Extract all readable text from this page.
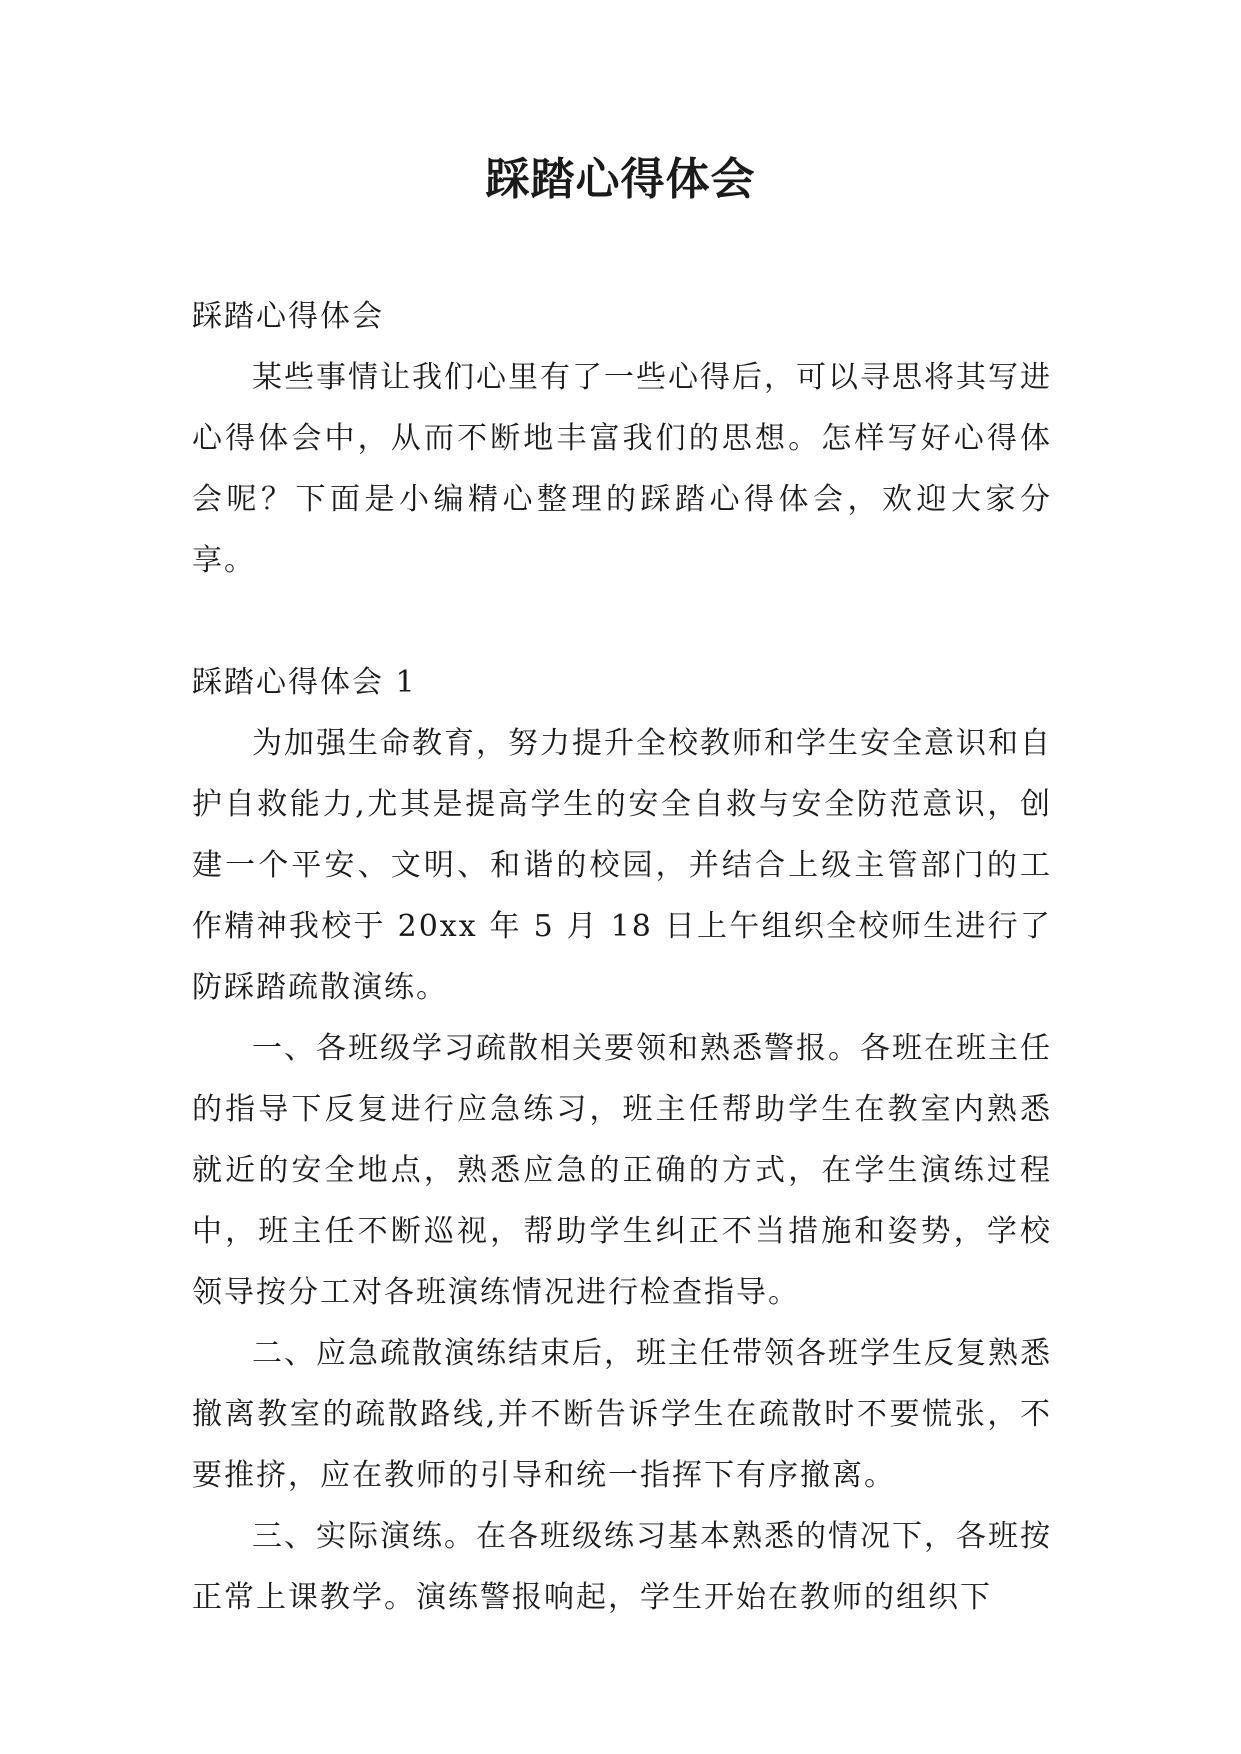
踩踏心得体会

踩踏心得体会

某些事情让我们心里有了一些心得后，可以寻思将其写进心得体会中，从而不断地丰富我们的思想。怎样写好心得体会呢？下面是小编精心整理的踩踏心得体会，欢迎大家分享。

踩踏心得体会 1

为加强生命教育，努力提升全校教师和学生安全意识和自护自救能力,尤其是提高学生的安全自救与安全防范意识，创建一个平安、文明、和谐的校园，并结合上级主管部门的工作精神我校于 20xx 年 5 月 18 日上午组织全校师生进行了防踩踏疏散演练。

一、各班级学习疏散相关要领和熟悉警报。各班在班主任的指导下反复进行应急练习，班主任帮助学生在教室内熟悉就近的安全地点，熟悉应急的正确的方式，在学生演练过程中，班主任不断巡视，帮助学生纠正不当措施和姿势，学校领导按分工对各班演练情况进行检查指导。

二、应急疏散演练结束后，班主任带领各班学生反复熟悉撤离教室的疏散路线,并不断告诉学生在疏散时不要慌张，不要推挤，应在教师的引导和统一指挥下有序撤离。

三、实际演练。在各班级练习基本熟悉的情况下，各班按正常上课教学。演练警报响起，学生开始在教师的组织下
